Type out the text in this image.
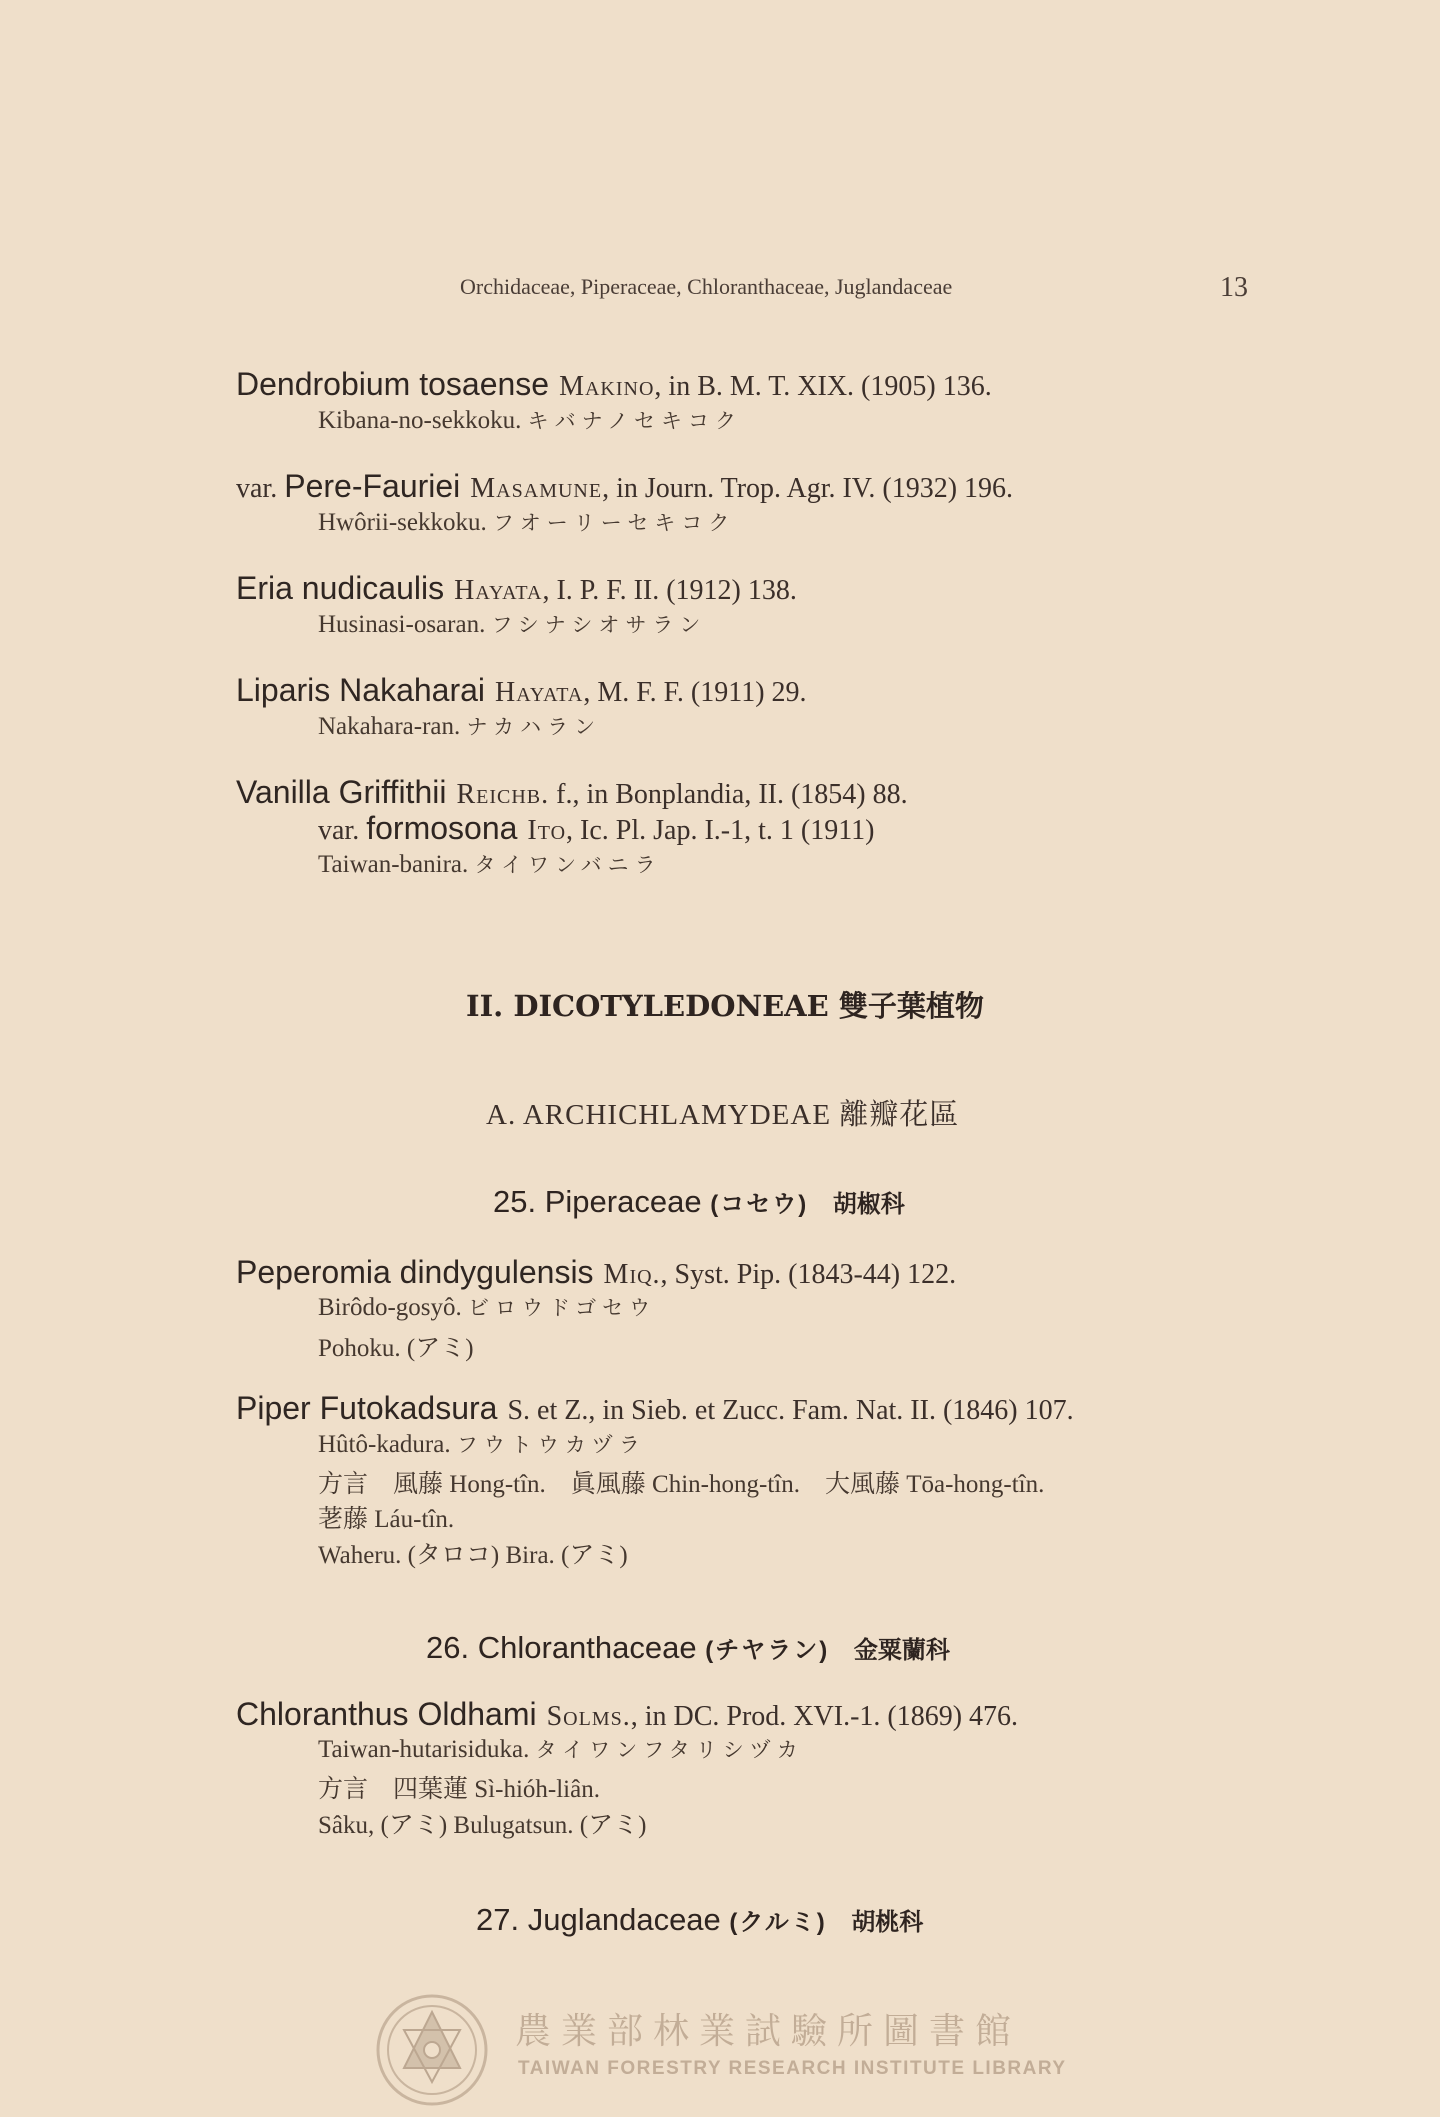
Orchidaceae, Piperaceae, Chloranthaceae, Juglandaceae	13
Dendrobium tosaense Makino, in B. M. T. XIX. (1905) 136.
Kibana-no-sekkoku. キバナノセキコク
var. Pere-Fauriei Masamune, in Journ. Trop. Agr. IV. (1932) 196.
Hwôrii-sekkoku. フオーリーセキコク
Eria nudicaulis Hayata, I. P. F. II. (1912) 138.
Husinasi-osaran. フシナシオサラン
Liparis Nakaharai Hayata, M. F. F. (1911) 29.
Nakahara-ran. ナカハラン
Vanilla Griffithii Reichb. f., in Bonplandia, II. (1854) 88.
var. formosona Ito, Ic. Pl. Jap. I.-1, t. 1 (1911)
Taiwan-banira. タイワンバニラ
II. DICOTYLEDONEAE 雙子葉植物
A. ARCHICHLAMYDEAE 離瓣花區
25. Piperaceae (コセウ) 胡椒科
Peperomia dindygulensis Miq., Syst. Pip. (1843-44) 122.
Birôdo-gosyô. ビロウドゴセウ
Pohoku. (アミ)
Piper Futokadsura S. et Z., in Sieb. et Zucc. Fam. Nat. II. (1846) 107.
Hûtô-kadura. フウトウカヅラ
方言 風藤 Hong-tîn. 眞風藤 Chin-hong-tîn. 大風藤 Tōa-hong-tîn.
荖藤 Láu-tîn.
Waheru. (タロコ) Bira. (アミ)
26. Chloranthaceae (チヤラン) 金粟蘭科
Chloranthus Oldhami Solms., in DC. Prod. XVI.-1. (1869) 476.
Taiwan-hutarisiduka. タイワンフタリシヅカ
方言 四葉蓮 Sì-hióh-liân.
Sâku, (アミ) Bulugatsun. (アミ)
27. Juglandaceae (クルミ) 胡桃科
農業部林業試驗所圖書館
TAIWAN FORESTRY RESEARCH INSTITUTE LIBRARY
